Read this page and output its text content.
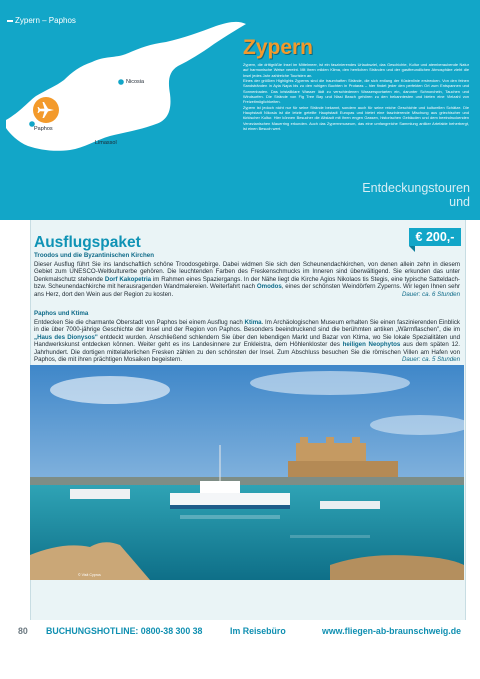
Zypern – Paphos
Nicosia
Paphos
Limassol
Zypern

Zypern, die drittgrößte Insel im Mittelmeer, ist ein faszinierendes Urlaubsziel, das Geschichte, Kultur und atemberaubende Natur auf harmonische Weise vereint. Mit ihren milden Klima, den herrlichen Stränden und der gastfreundlichen Atmosphäre zieht die Insel jedes Jahr zahlreiche Touristen an.

Eines der größten Highlights Zyperns sind die traumhaften Strände, die sich entlang der Küstenlinie erstrecken. Von den feinen Sandstränden in Ayia Napa bis zu den ruhigen Buchten in Protaras – hier findet jeder den perfekten Ort zum Entspannen und Sonnenbaden. Das kristallklare Wasser lädt zu verschiedenen Wassersportarten ein, darunter Schnorcheln, Tauchen und Windsurfen. Die Strände von Fig Tree Bay und Nissi Beach gehören zu den bekanntesten und bieten eine Vielzahl von Freizeitmöglichkeiten.

Zypern ist jedoch nicht nur für seine Strände bekannt, sondern auch für seine reiche Geschichte und kulturellen Schätze. Die Hauptstadt Nikosia ist die letzte geteilte Hauptstadt Europas und bietet eine faszinierende Mischung aus griechischer und türkischer Kultur. Hier können Besucher die Altstadt mit ihren engen Gassen, historischen Gebäuden und dem beeindruckenden Venezianischen Mauerring erkunden. Auch das Zyperrnmuseum, das eine umfangreiche Sammlung antiker Artefakte beherbergt, ist einen Besuch wert.

Entdeckungstouren
und
Ausflugspaket	€ 200,-
Troodos und die Byzantinischen Kirchen

Dieser Ausflug führt Sie ins landschaftlich schöne Troodosgebirge. Dabei widmen Sie sich den Scheunendachkirchen, von denen allein zehn in diesem Gebiet zum UNESCO-Weltkulturerbe gehören. Die leuchtenden Farben des Freskenschmucks im Inneren sind überwältigend. Sie erkunden das unter Denkmalschutz stehende Dorf Kakopetria im Rahmen eines Spaziergangs. In der Nähe liegt die Kirche Agios Nikolaos tis Stegis, eine typische Satteldach- bzw. Scheunendachkirche mit herausragenden Wandmalereien. Weiterfahrt nach Omodos, eines der schönsten Weindörfern Zyperns. Wir legen Ihnen sehr ans Herz, dort den Wein aus der Region zu kosten.	Dauer: ca. 6 Stunden

Paphos und Ktima

Entdecken Sie die charmante Oberstadt von Paphos bei einem Ausflug nach Ktima. Im Archäologischen Museum erhalten Sie einen faszinierenden Einblick in die über 7000-jährige Geschichte der Insel und der Region von Paphos. Besonders beeindruckend sind die berühmten antiken „Wärmflaschen", die im „Haus des Dionysos" entdeckt wurden. Anschließend schlendern Sie über den lebendigen Markt und Bazar von Ktima, wo Sie lokale Spezialitäten und Handwerkskunst entdecken können. Weiter geht es ins Landesinnere zur Enkleistra, dem Höhlenkloster des heiligen Neophytos aus dem späten 12. Jahrhundert. Die dortigen mittelalterlichen Fresken zählen zu den schönsten der Insel. Zum Abschluss besuchen Sie die römischen Villen am Hafen von Paphos, die mit ihren prächtigen Mosaiken begeistern.	Dauer: ca. 5 Stunden

© Visit Cyprus
80 BUCHUNGSHOTLINE: 0800-38 300 38	Im Reisebüro	www.fliegen-ab-braunschweig.de
